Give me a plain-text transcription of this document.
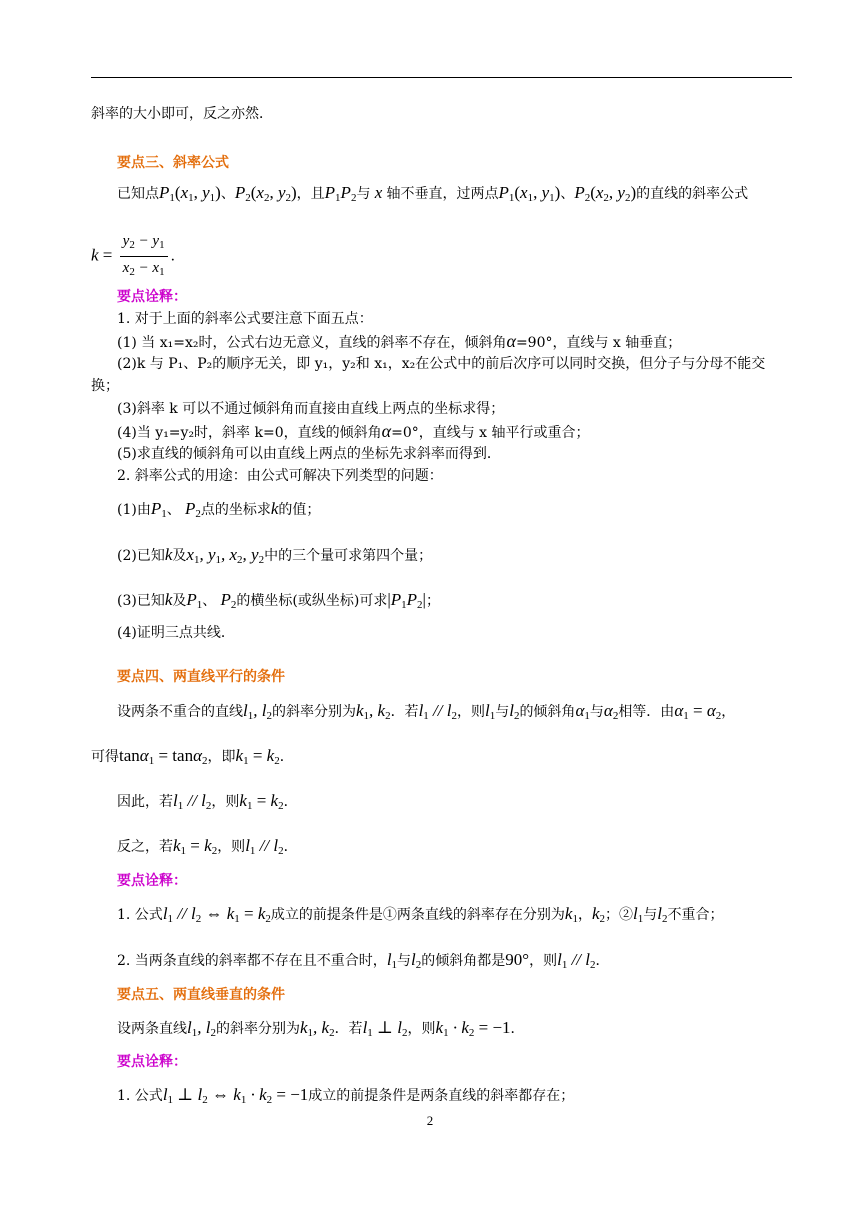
斜率的大小即可，反之亦然．
要点三、斜率公式
已知点$P_1(x_1$, $y_1$)、$P_2(x_2$, $y_2$)，且$P_1P_2$与 x 轴不垂直，过两点$P_1(x_1$, $y_1$)、$P_2(x_2$, $y_2$)的直线的斜率公式
$k = \frac{y_2 - y_1}{x_2 - x_1}$ ．
要点诠释：
1. 对于上面的斜率公式要注意下面五点：
(1) 当 x₁=x₂时，公式右边无意义，直线的斜率不存在，倾斜角α=90°，直线与 x 轴垂直；
(2)k 与 P₁、P₂的顺序无关，即 y₁，y₂和 x₁，x₂在公式中的前后次序可以同时交换，但分子与分母不能交
换；
(3)斜率 k 可以不通过倾斜角而直接由直线上两点的坐标求得；
(4)当 y₁=y₂时，斜率 k=0，直线的倾斜角α=0°，直线与 x 轴平行或重合；
(5)求直线的倾斜角可以由直线上两点的坐标先求斜率而得到．
2. 斜率公式的用途：由公式可解决下列类型的问题：
(1)由$P_1$、 $P_2$点的坐标求k的值；
(2)已知k及$x_1$, $y_1$, $x_2$, $y_2$中的三个量可求第四个量；
(3)已知k及$P_1$、 $P_2$的横坐标(或纵坐标)可求$|P_1P_2|$；
(4)证明三点共线．
要点四、两直线平行的条件
设两条不重合的直线$l_1$, $l_2$的斜率分别为$k_1$, $k_2$．若$l_1 // l_2$，则$l_1$与$l_2$的倾斜角$\alpha_1$与$\alpha_2$相等．由$\alpha_1 = \alpha_2$，
可得tanα$_1$ = tanα$_2$，即$k_1 = k_2$．
因此，若$l_1 // l_2$，则$k_1 = k_2$．
反之，若$k_1 = k_2$，则$l_1 // l_2$．
要点诠释：
1. 公式$l_1 // l_2$ ⇔ $k_1 = k_2$成立的前提条件是①两条直线的斜率存在分别为$k_1$，$k_2$；$②l_1$与$l_2$不重合；
2. 当两条直线的斜率都不存在且不重合时，$l_1$与$l_2$的倾斜角都是90°，则$l_1 // l_2$．
要点五、两直线垂直的条件
设两条直线$l_1$, $l_2$的斜率分别为$k_1$, $k_2$．若$l_1$ ⊥ $l_2$，则$k_1 \cdot k_2 = -1$．
要点诠释：
1. 公式$l_1$ ⊥ $l_2$ ⇔ $k_1 \cdot k_2 = -1$成立的前提条件是两条直线的斜率都存在；
2
